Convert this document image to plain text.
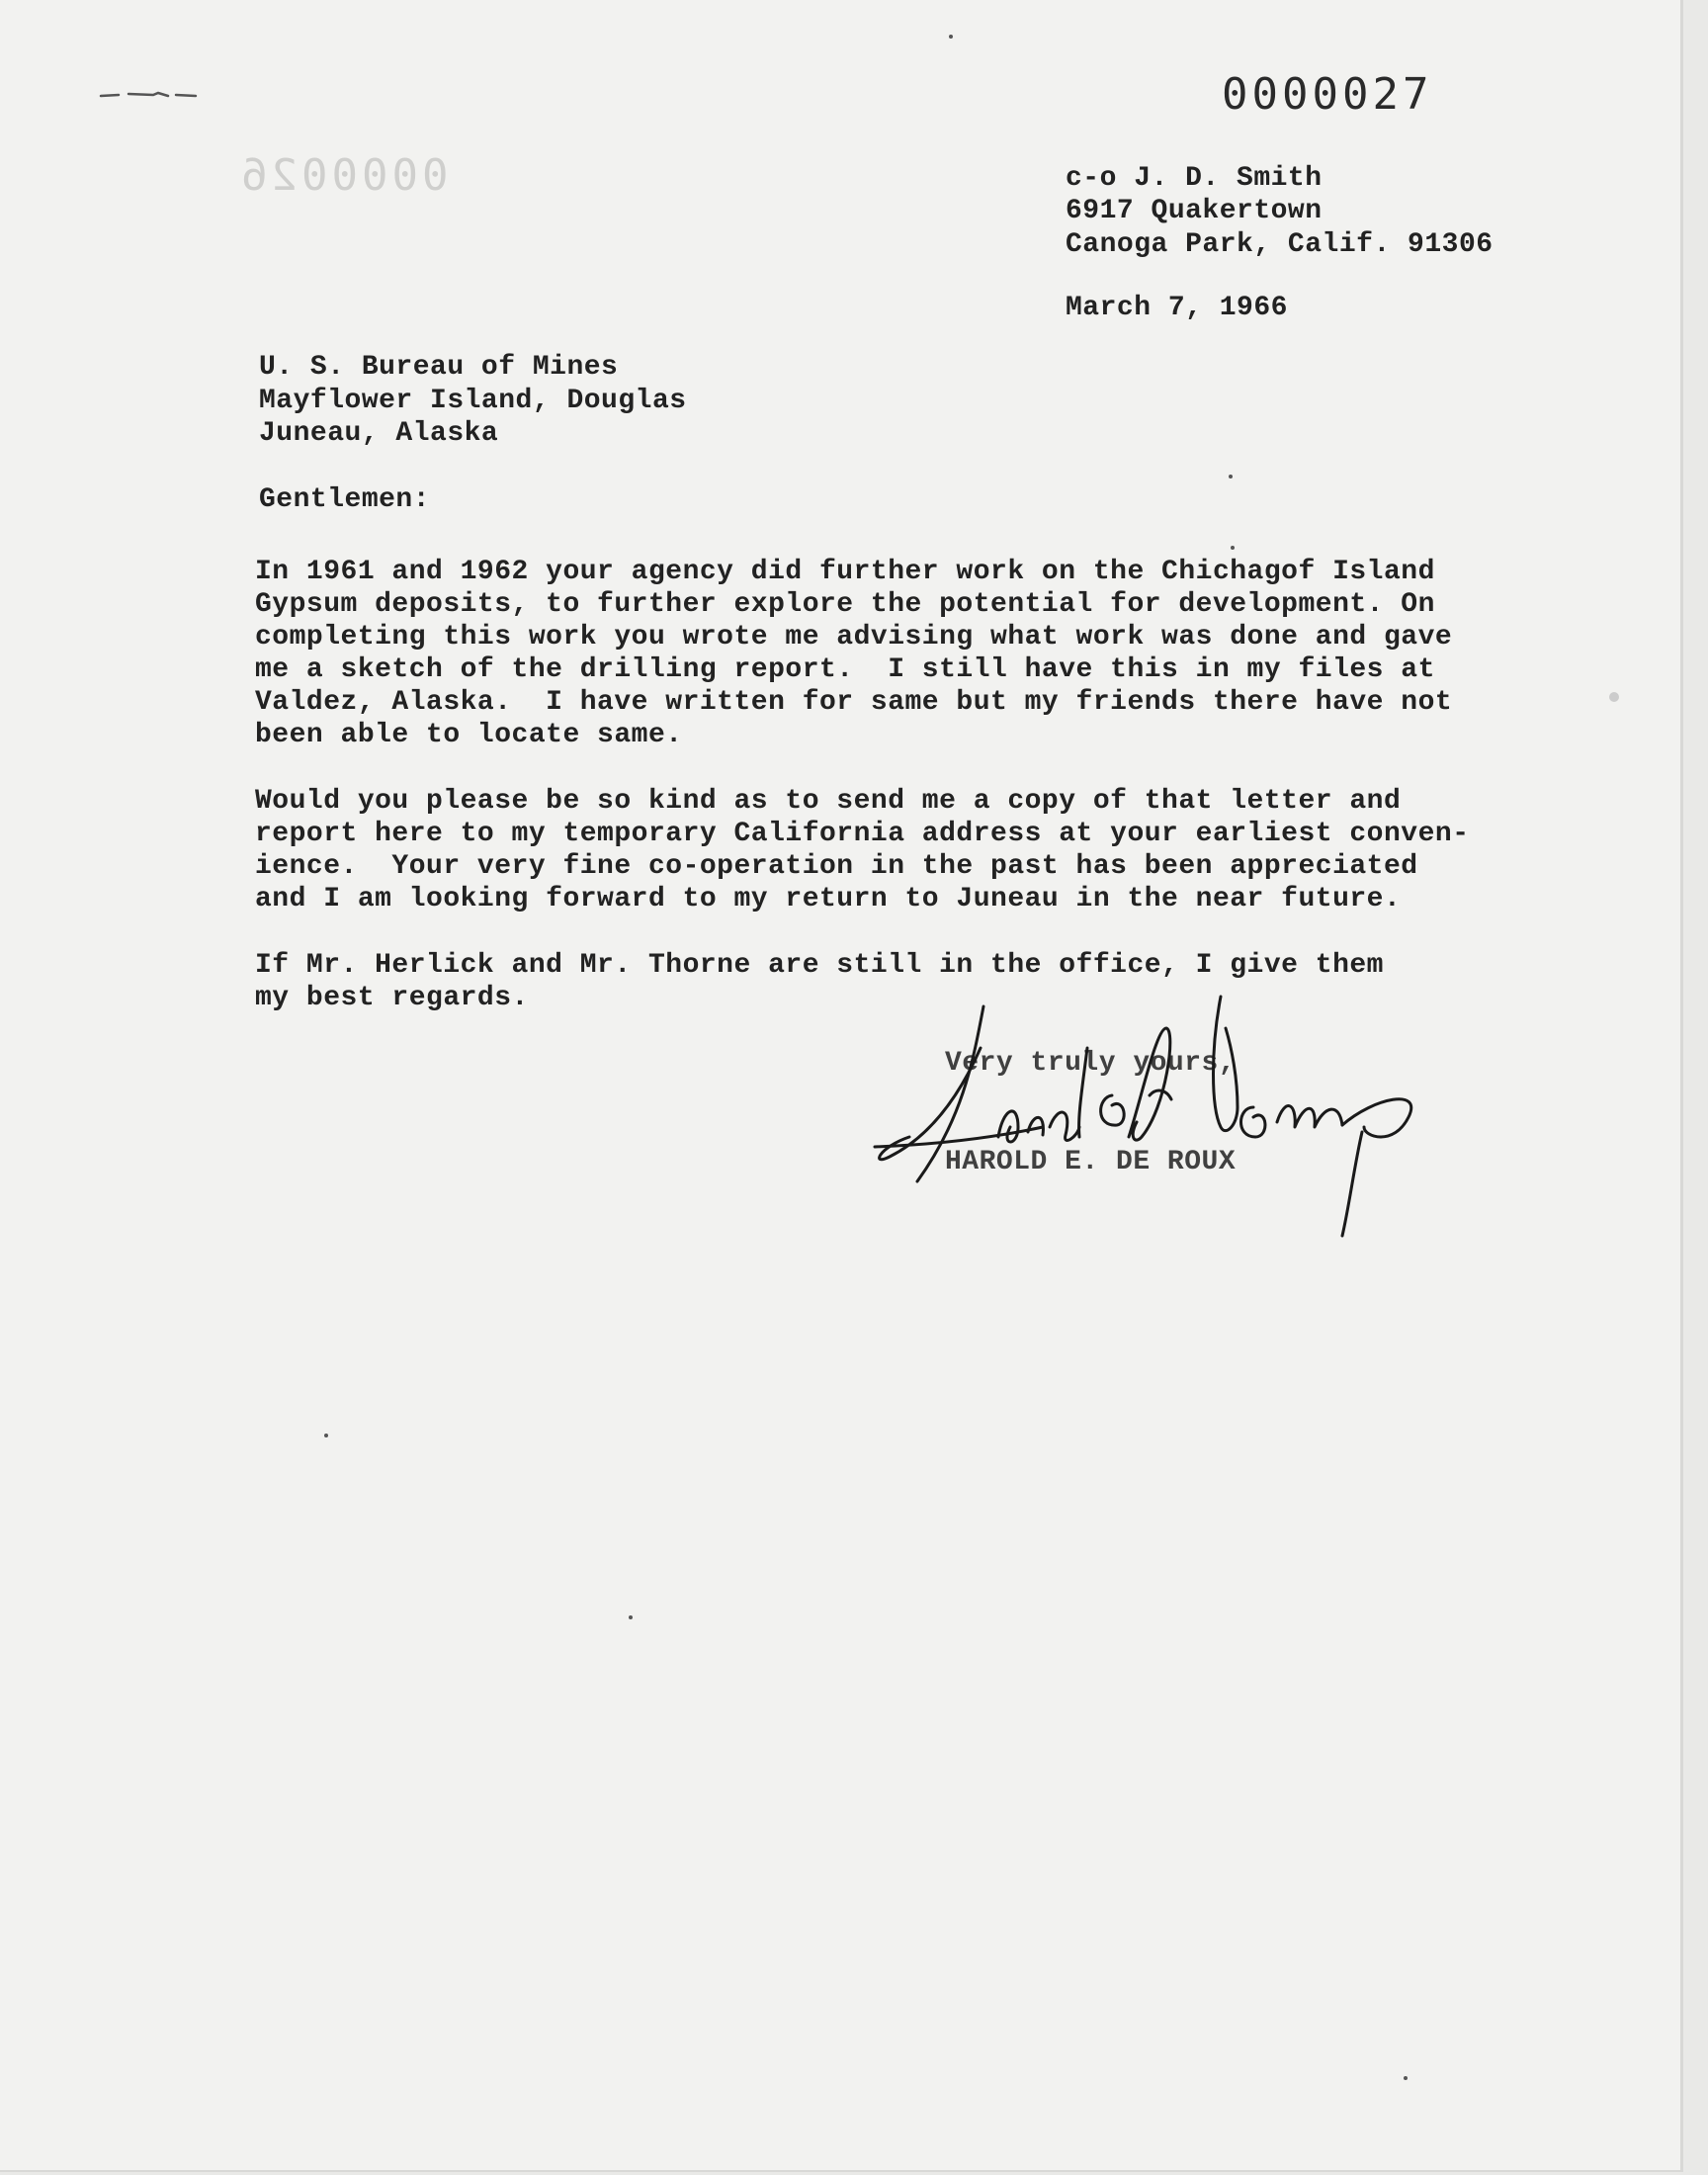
0000027
0000026	c-o J. D. Smith
6917 Quakertown
Canoga Park, Calif. 91306
March 7, 1966
U. S. Bureau of Mines
Mayflower Island, Douglas
Juneau, Alaska
Gentlemen:
In 1961 and 1962 your agency did further work on the Chichagof Island
Gypsum deposits, to further explore the potential for development. On
completing this work you wrote me advising what work was done and gave
me a sketch of the drilling report.  I still have this in my files at
Valdez, Alaska.  I have written for same but my friends there have not
been able to locate same.
Would you please be so kind as to send me a copy of that letter and
report here to my temporary California address at your earliest conven-
ience.  Your very fine co-operation in the past has been appreciated
and I am looking forward to my return to Juneau in the near future.
If Mr. Herlick and Mr. Thorne are still in the office, I give them
my best regards.
Very truly yours,
HAROLD E. DE ROUX
